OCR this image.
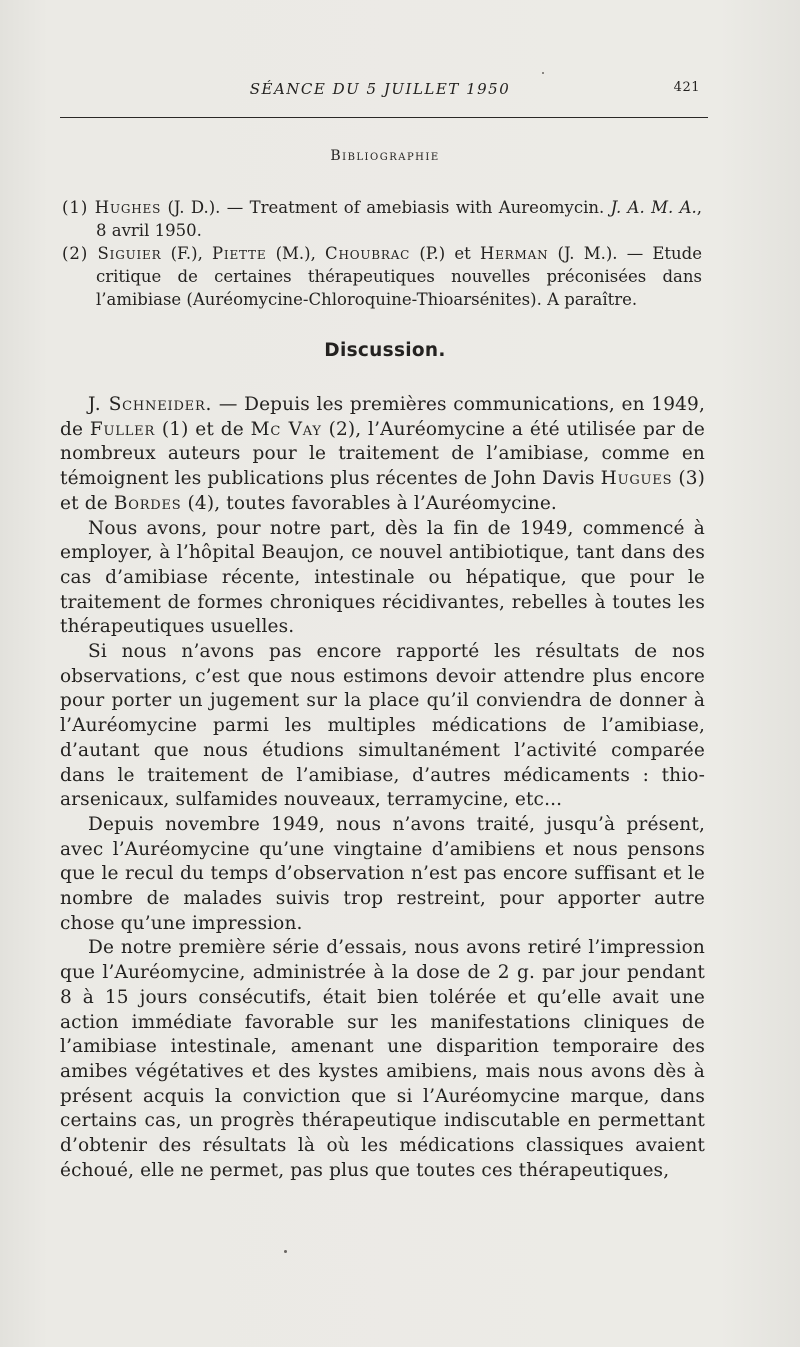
SÉANCE DU 5 JUILLET 1950	421
Bibliographie

(1) Hughes (J. D.). — Treatment of amebiasis with Aureomycin. J. A. M. A., 8 avril 1950.

(2) Siguier (F.), Piette (M.), Choubrac (P.) et Herman (J. M.). — Etude critique de certaines thérapeutiques nouvelles préconisées dans l’amibiase (Auréomycine-Chloroquine-Thioarsénites). A paraître.

Discussion.

J. Schneider. — Depuis les premières communications, en 1949, de Fuller (1) et de Mc Vay (2), l’Auréomycine a été utilisée par de nombreux auteurs pour le traitement de l’amibiase, comme en témoignent les publications plus récentes de John Davis Hugues (3) et de Bordes (4), toutes favorables à l’Auréomycine.

Nous avons, pour notre part, dès la fin de 1949, commencé à employer, à l’hôpital Beaujon, ce nouvel antibiotique, tant dans des cas d’amibiase récente, intestinale ou hépatique, que pour le traitement de formes chroniques récidivantes, rebelles à toutes les thérapeutiques usuelles.

Si nous n’avons pas encore rapporté les résultats de nos observations, c’est que nous estimons devoir attendre plus encore pour porter un jugement sur la place qu’il conviendra de donner à l’Auréomycine parmi les multiples médications de l’amibiase, d’autant que nous étudions simultanément l’activité comparée dans le traitement de l’amibiase, d’autres médicaments : thio-arsenicaux, sulfamides nouveaux, terramycine, etc...

Depuis novembre 1949, nous n’avons traité, jusqu’à présent, avec l’Auréomycine qu’une vingtaine d’amibiens et nous pensons que le recul du temps d’observation n’est pas encore suffisant et le nombre de malades suivis trop restreint, pour apporter autre chose qu’une impression.

De notre première série d’essais, nous avons retiré l’impression que l’Auréomycine, administrée à la dose de 2 g. par jour pendant 8 à 15 jours consécutifs, était bien tolérée et qu’elle avait une action immédiate favorable sur les manifestations cliniques de l’amibiase intestinale, amenant une disparition temporaire des amibes végétatives et des kystes amibiens, mais nous avons dès à présent acquis la conviction que si l’Auréomycine marque, dans certains cas, un progrès thérapeutique indiscutable en permettant d’obtenir des résultats là où les médications classiques avaient échoué, elle ne permet, pas plus que toutes ces thérapeutiques,
